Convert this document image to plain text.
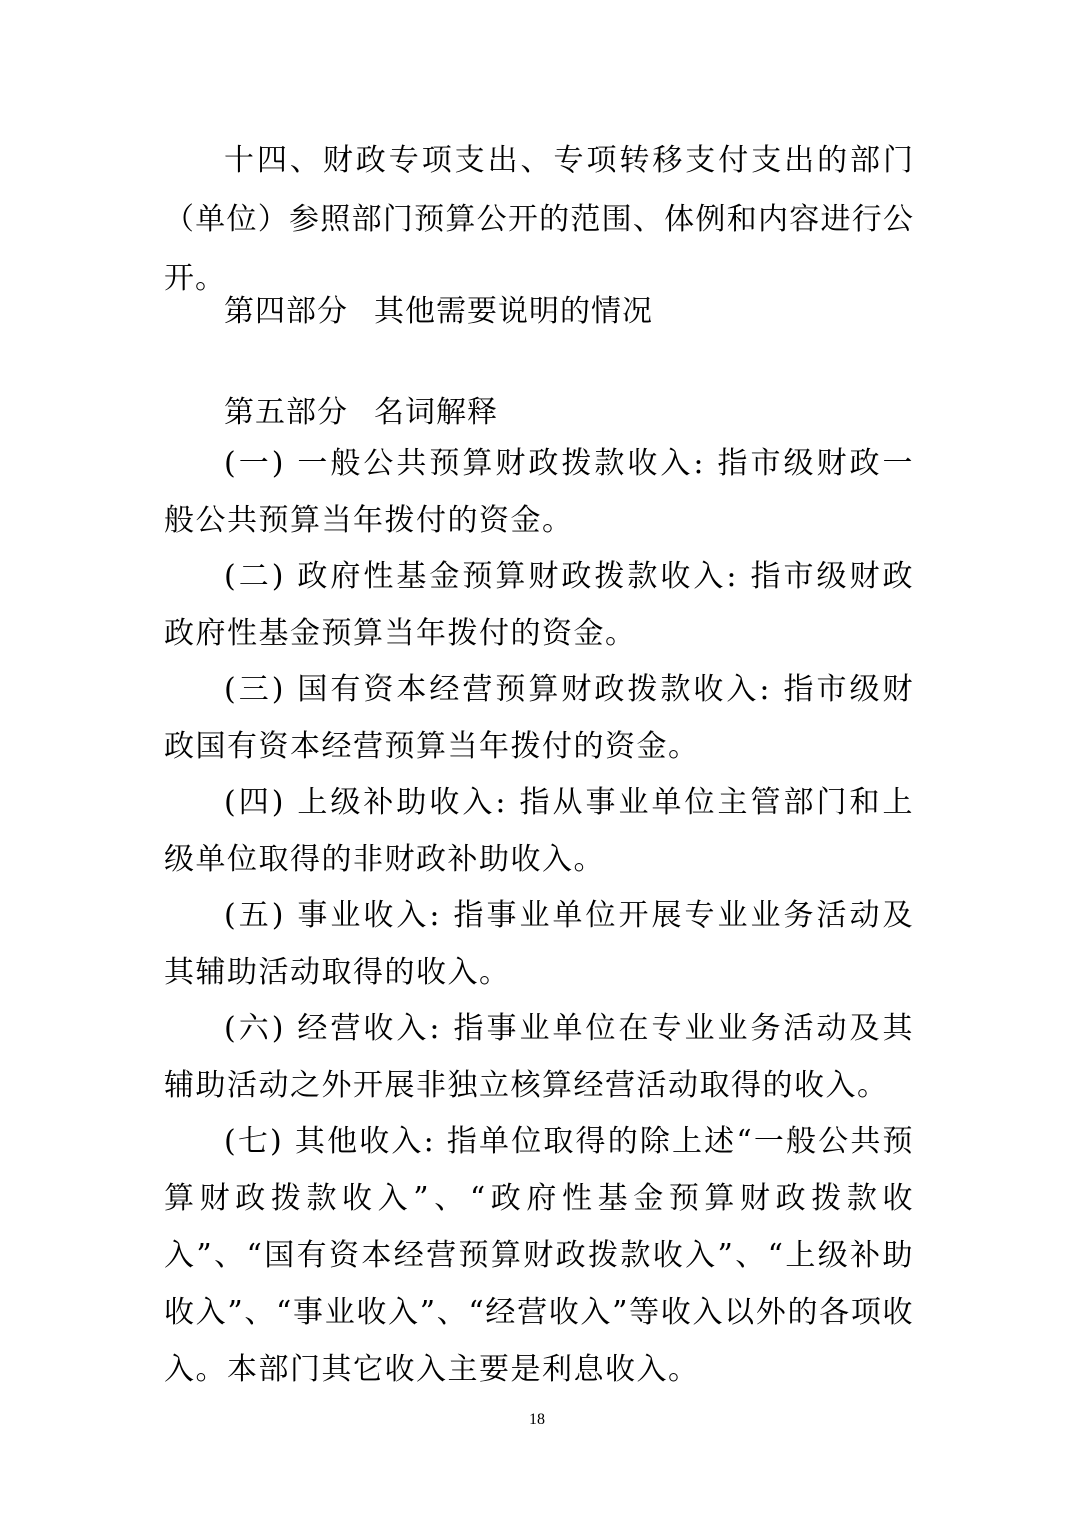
十四、财政专项支出、专项转移支付支出的部门（单位）参照部门预算公开的范围、体例和内容进行公开。

第四部分 其他需要说明的情况
第五部分 名词解释

(一) 一般公共预算财政拨款收入: 指市级财政一般公共预算当年拨付的资金。

(二) 政府性基金预算财政拨款收入: 指市级财政政府性基金预算当年拨付的资金。

(三) 国有资本经营预算财政拨款收入: 指市级财政国有资本经营预算当年拨付的资金。

(四) 上级补助收入: 指从事业单位主管部门和上级单位取得的非财政补助收入。

(五) 事业收入: 指事业单位开展专业业务活动及其辅助活动取得的收入。

(六) 经营收入: 指事业单位在专业业务活动及其辅助活动之外开展非独立核算经营活动取得的收入。

(七) 其他收入: 指单位取得的除上述“一般公共预算财政拨款收入”、“政府性基金预算财政拨款收入”、“国有资本经营预算财政拨款收入”、“上级补助收入”、“事业收入”、“经营收入”等收入以外的各项收入。本部门其它收入主要是利息收入。

18
